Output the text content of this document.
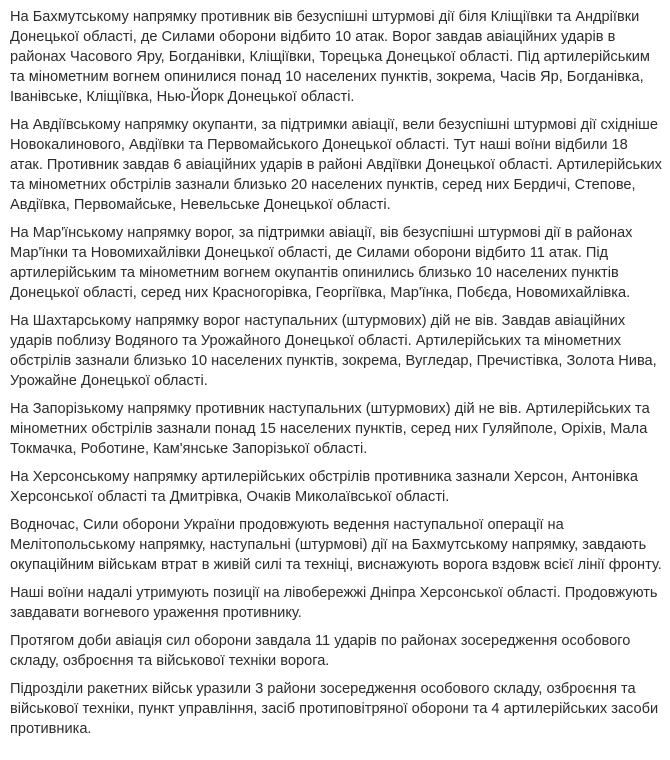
На Бахмутському напрямку противник вів безуспішні штурмові дії біля Кліщіївки та Андріївки Донецької області, де Силами оборони відбито 10 атак. Ворог завдав авіаційних ударів в районах Часового Яру, Богданівки, Кліщіївки, Торецька Донецької області. Під артилерійським та мінометним вогнем опинилися понад 10 населених пунктів, зокрема, Часів Яр, Богданівка, Іванівське, Кліщіївка, Нью-Йорк Донецької області.

На Авдіївському напрямку окупанти, за підтримки авіації, вели безуспішні штурмові дії східніше Новокалинового, Авдіївки та Первомайського Донецької області. Тут наші воїни відбили 18 атак. Противник завдав 6 авіаційних ударів в районі Авдіївки Донецької області. Артилерійських та мінометних обстрілів зазнали близько 20 населених пунктів, серед них Бердичі, Степове, Авдіївка, Первомайське, Невельське Донецької області.

На Мар'їнському напрямку ворог, за підтримки авіації, вів безуспішні штурмові дії в районах Мар'їнки та Новомихайлівки Донецької області, де Силами оборони відбито 11 атак. Під артилерійським та мінометним вогнем окупантів опинились близько 10 населених пунктів Донецької області, серед них Красногорівка, Георгіївка, Мар'їнка, Побєда, Новомихайлівка.

На Шахтарському напрямку ворог наступальних (штурмових) дій не вів. Завдав авіаційних ударів поблизу Водяного та Урожайного Донецької області. Артилерійських та мінометних обстрілів зазнали близько 10 населених пунктів, зокрема, Вугледар, Пречистівка, Золота Нива, Урожайне Донецької області.

На Запорізькому напрямку противник наступальних (штурмових) дій не вів. Артилерійських та мінометних обстрілів зазнали понад 15 населених пунктів, серед них Гуляйполе, Оріхів, Мала Токмачка, Роботине, Кам'янське Запорізької області.

На Херсонському напрямку артилерійських обстрілів противника зазнали Херсон, Антонівка Херсонської області та Дмитрівка, Очаків Миколаївської області.

Водночас, Сили оборони України продовжують ведення наступальної операції на Мелітопольському напрямку, наступальні (штурмові) дії на Бахмутському напрямку, завдають окупаційним військам втрат в живій силі та техніці, виснажують ворога вздовж всієї лінії фронту.

Наші воїни надалі утримують позиції на лівобережжі Дніпра Херсонської області. Продовжують завдавати вогневого ураження противнику.

Протягом доби авіація сил оборони завдала 11 ударів по районах зосередження особового складу, озброєння та військової техніки ворога.

Підрозділи ракетних військ уразили 3 райони зосередження особового складу, озброєння та військової техніки, пункт управління, засіб протиповітряної оборони та 4 артилерійських засоби противника.
